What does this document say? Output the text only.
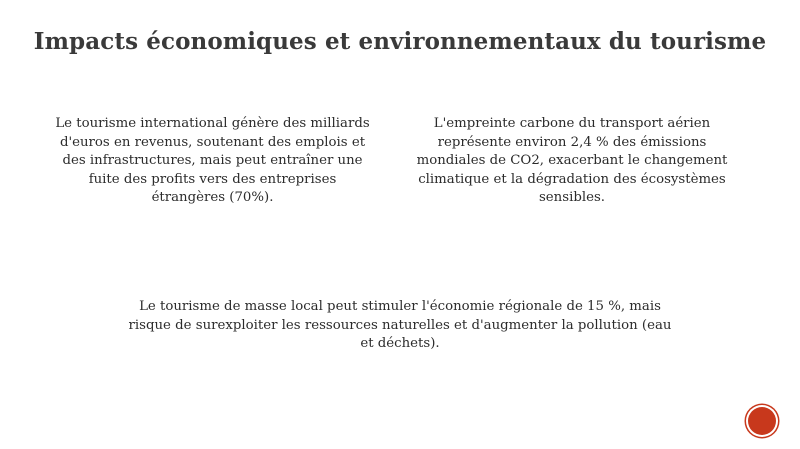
Impacts économiques et environnementaux du tourisme
Le tourisme international génère des milliards d'euros en revenus, soutenant des emplois et des infrastructures, mais peut entraîner une fuite des profits vers des entreprises étrangères (70%).
L'empreinte carbone du transport aérien représente environ 2,4 % des émissions mondiales de CO2, exacerbant le changement climatique et la dégradation des écosystèmes sensibles.
Le tourisme de masse local peut stimuler l'économie régionale de 15 %, mais risque de surexploiter les ressources naturelles et d'augmenter la pollution (eau et déchets).
